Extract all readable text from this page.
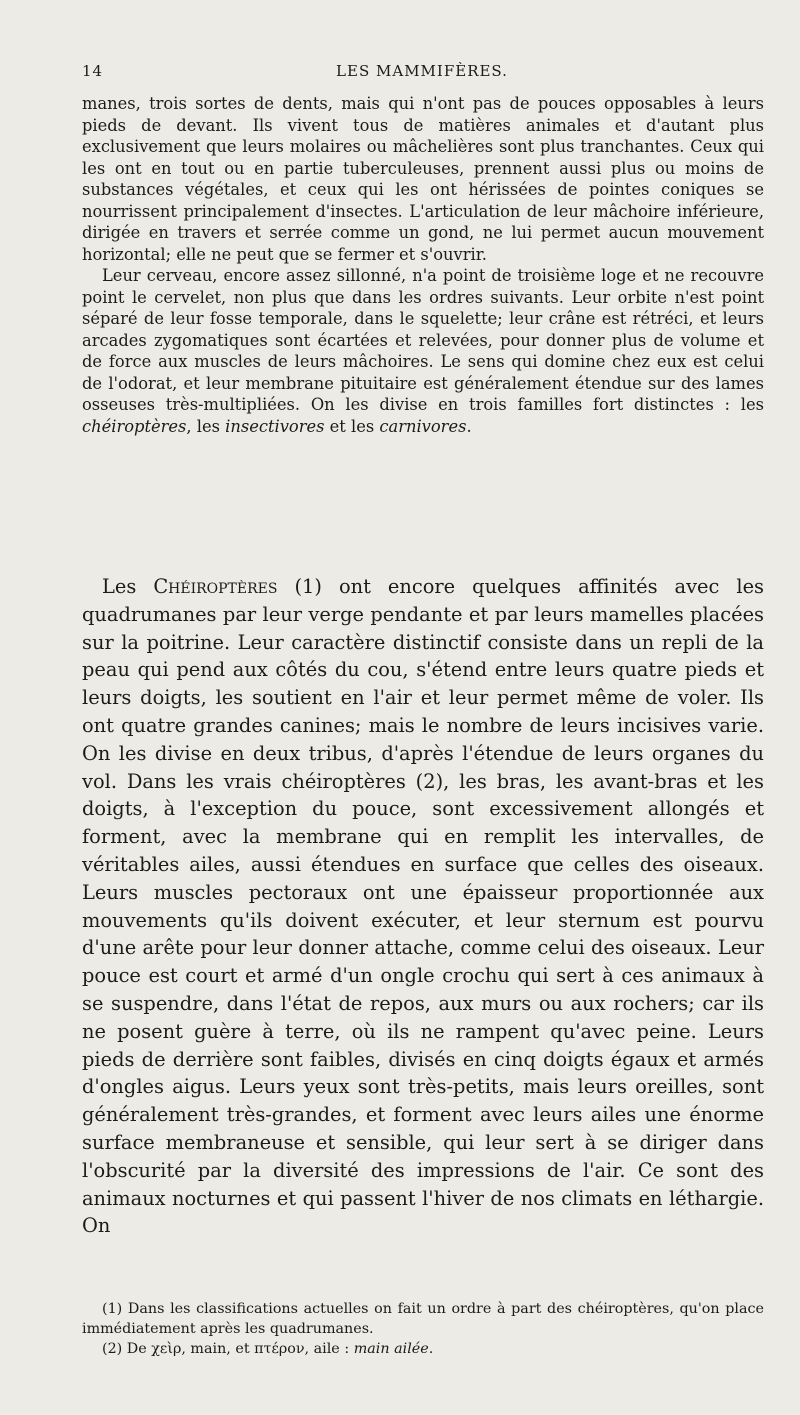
14	LES MAMMIFÈRES.

manes, trois sortes de dents, mais qui n'ont pas de pouces opposables à leurs pieds de devant. Ils vivent tous de matières animales et d'autant plus exclusivement que leurs molaires ou mâchelières sont plus tranchantes. Ceux qui les ont en tout ou en partie tuberculeuses, prennent aussi plus ou moins de substances végétales, et ceux qui les ont hérissées de pointes coniques se nourrissent principalement d'insectes. L'articulation de leur mâchoire inférieure, dirigée en travers et serrée comme un gond, ne lui permet aucun mouvement horizontal; elle ne peut que se fermer et s'ouvrir.

Leur cerveau, encore assez sillonné, n'a point de troisième loge et ne recouvre point le cervelet, non plus que dans les ordres suivants. Leur orbite n'est point séparé de leur fosse temporale, dans le squelette; leur crâne est rétréci, et leurs arcades zygomatiques sont écartées et relevées, pour donner plus de volume et de force aux muscles de leurs mâchoires. Le sens qui domine chez eux est celui de l'odorat, et leur membrane pituitaire est généralement étendue sur des lames osseuses très-multipliées. On les divise en trois familles fort distinctes : les chéiroptères, les insectivores et les carnivores.

Les Chéiroptères (1) ont encore quelques affinités avec les quadrumanes par leur verge pendante et par leurs mamelles placées sur la poitrine. Leur caractère distinctif consiste dans un repli de la peau qui pend aux côtés du cou, s'étend entre leurs quatre pieds et leurs doigts, les soutient en l'air et leur permet même de voler. Ils ont quatre grandes canines; mais le nombre de leurs incisives varie. On les divise en deux tribus, d'après l'étendue de leurs organes du vol. Dans les vrais chéiroptères (2), les bras, les avant-bras et les doigts, à l'exception du pouce, sont excessivement allongés et forment, avec la membrane qui en remplit les intervalles, de véritables ailes, aussi étendues en surface que celles des oiseaux. Leurs muscles pectoraux ont une épaisseur proportionnée aux mouvements qu'ils doivent exécuter, et leur sternum est pourvu d'une arête pour leur donner attache, comme celui des oiseaux. Leur pouce est court et armé d'un ongle crochu qui sert à ces animaux à se suspendre, dans l'état de repos, aux murs ou aux rochers; car ils ne posent guère à terre, où ils ne rampent qu'avec peine. Leurs pieds de derrière sont faibles, divisés en cinq doigts égaux et armés d'ongles aigus. Leurs yeux sont très-petits, mais leurs oreilles, sont généralement très-grandes, et forment avec leurs ailes une énorme surface membraneuse et sensible, qui leur sert à se diriger dans l'obscurité par la diversité des impressions de l'air. Ce sont des animaux nocturnes et qui passent l'hiver de nos climats en léthargie. On

(1) Dans les classifications actuelles on fait un ordre à part des chéiroptères, qu'on place immédiatement après les quadrumanes.

(2) De χεὶρ, main, et πτέρον, aile : main ailée.
